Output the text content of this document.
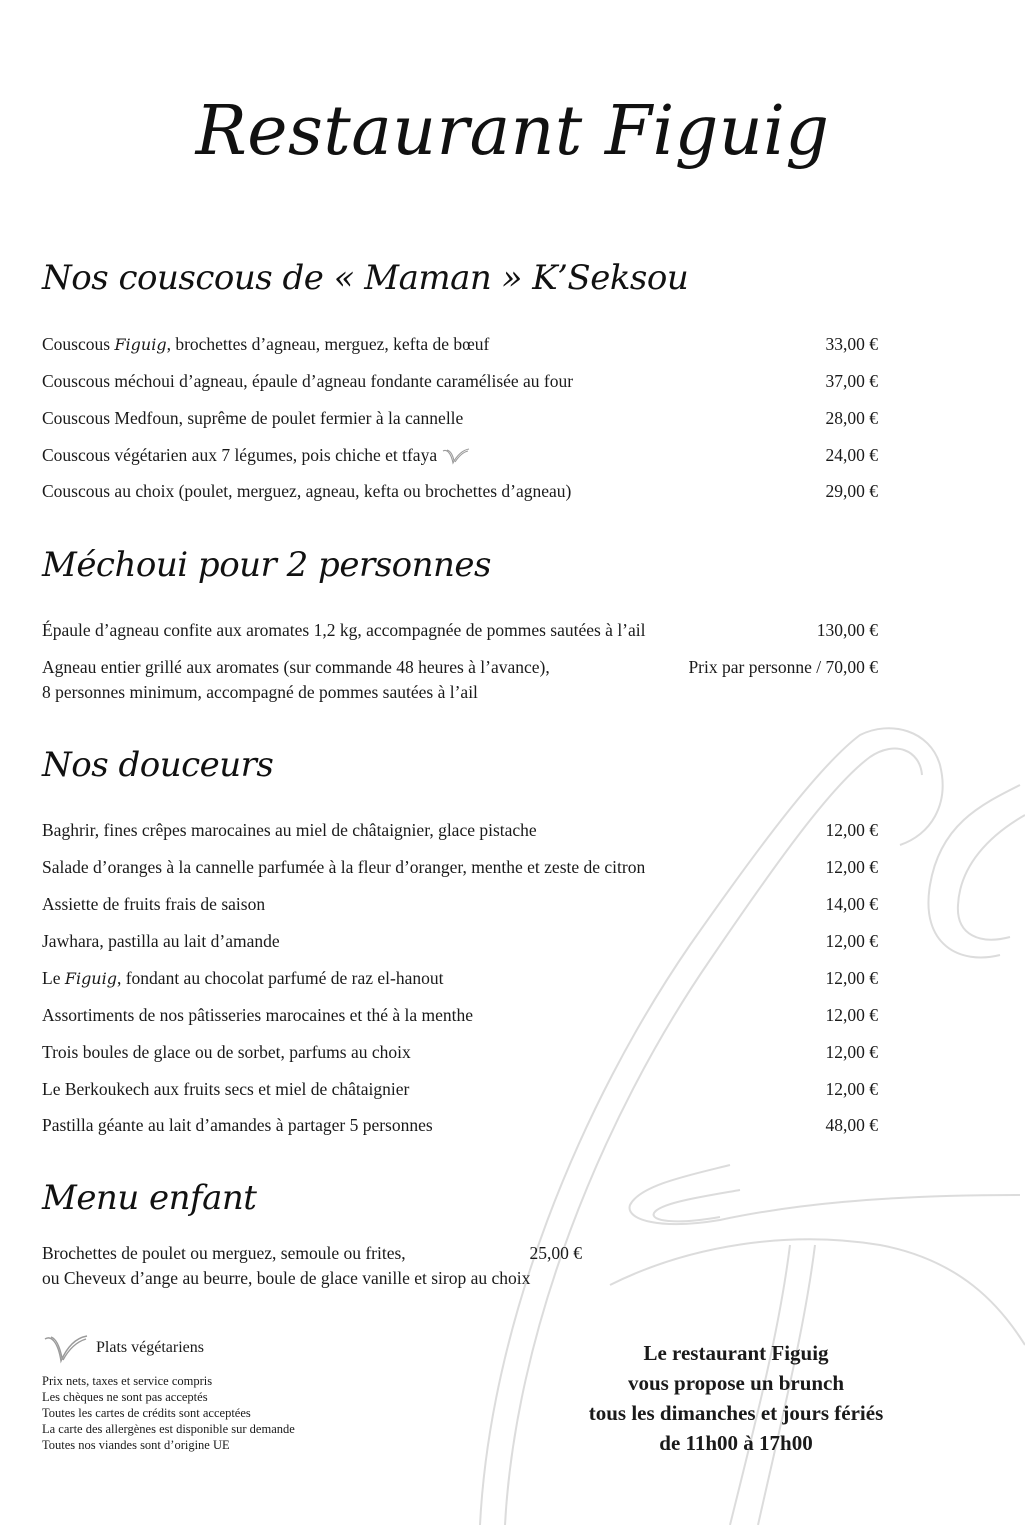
Restaurant Figuig
Nos couscous de « Maman » K’Seksou
Couscous Figuig, brochettes d’agneau, merguez, kefta de bœuf	33,00 €
Couscous méchoui d’agneau, épaule d’agneau fondante caramélisée au four	37,00 €
Couscous Medfoun, suprême de poulet fermier à la cannelle	28,00 €
Couscous végétarien aux 7 légumes, pois chiche et tfaya	24,00 €
Couscous au choix (poulet, merguez, agneau, kefta ou brochettes d’agneau)	29,00 €
Méchoui pour 2 personnes
Épaule d’agneau confite aux aromates 1,2 kg, accompagnée de pommes sautées à l’ail	130,00 €
Agneau entier grillé aux aromates (sur commande 48 heures à l’avance),	Prix par personne / 70,00 €
8 personnes minimum, accompagné de pommes sautées à l’ail
Nos douceurs
Baghrir, fines crêpes marocaines au miel de châtaignier, glace pistache	12,00 €
Salade d’oranges à la cannelle parfumée à la fleur d’oranger, menthe et zeste de citron	12,00 €
Assiette de fruits frais de saison	14,00 €
Jawhara, pastilla au lait d’amande	12,00 €
Le Figuig, fondant au chocolat parfumé de raz el-hanout	12,00 €
Assortiments de nos pâtisseries marocaines et thé à la menthe	12,00 €
Trois boules de glace ou de sorbet, parfums au choix	12,00 €
Le Berkoukech aux fruits secs et miel de châtaignier	12,00 €
Pastilla géante au lait d’amandes à partager 5 personnes	48,00 €
Menu enfant
Brochettes de poulet ou merguez, semoule ou frites,	25,00 €
ou Cheveux d’ange au beurre, boule de glace vanille et sirop au choix
Plats végétariens
Prix nets, taxes et service compris
Les chèques ne sont pas acceptés
Toutes les cartes de crédits sont acceptées
La carte des allergènes est disponible sur demande
Toutes nos viandes sont d’origine UE
Le restaurant Figuig
vous propose un brunch
tous les dimanches et jours fériés
de 11h00 à 17h00
